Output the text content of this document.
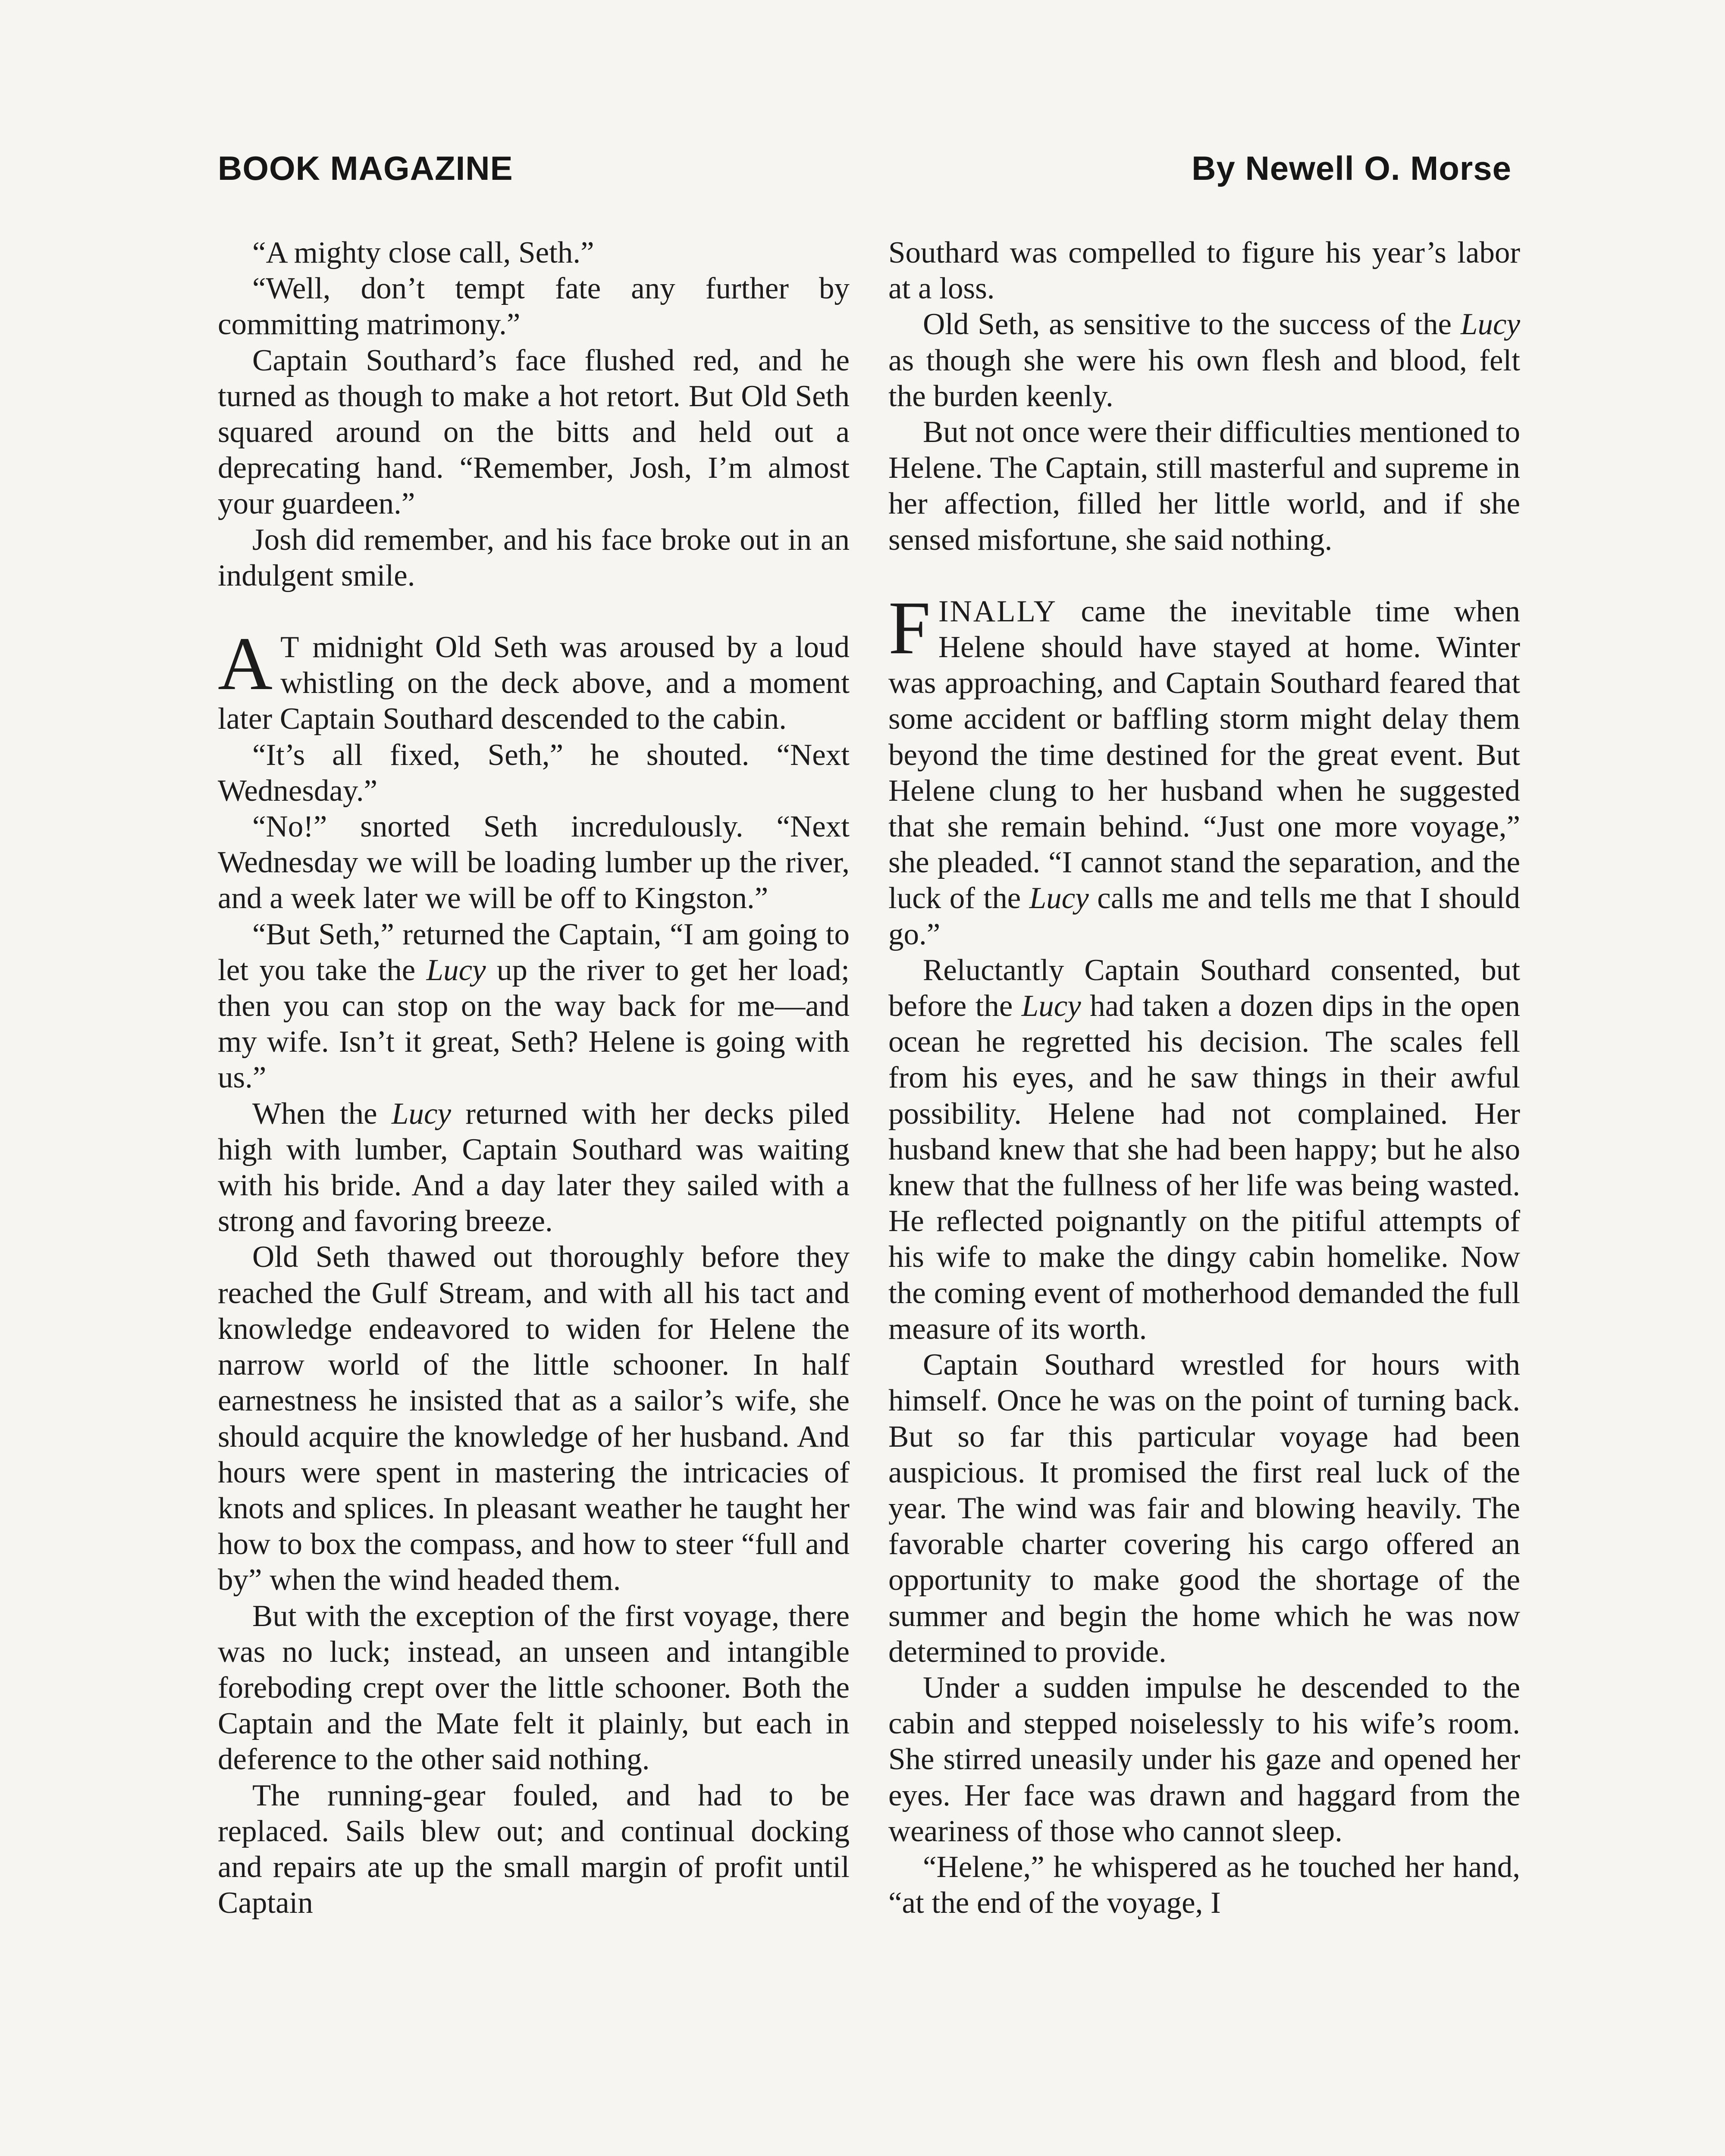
BOOK MAGAZINE	By Newell O. Morse

“A mighty close call, Seth.”

“Well, don’t tempt fate any further by committing matrimony.”

Captain Southard’s face flushed red, and he turned as though to make a hot retort. But Old Seth squared around on the bitts and held out a deprecating hand. “Remember, Josh, I’m almost your guardeen.”

Josh did remember, and his face broke out in an indulgent smile.

A T midnight Old Seth was aroused by a loud whistling on the deck above, and a moment later Captain Southard descended to the cabin.

“It’s all fixed, Seth,” he shouted. “Next Wednesday.”

“No!” snorted Seth incredulously. “Next Wednesday we will be loading lumber up the river, and a week later we will be off to Kingston.”

“But Seth,” returned the Captain, “I am going to let you take the Lucy up the river to get her load; then you can stop on the way back for me—and my wife. Isn’t it great, Seth? Helene is going with us.”

When the Lucy returned with her decks piled high with lumber, Captain Southard was waiting with his bride. And a day later they sailed with a strong and favoring breeze.

Old Seth thawed out thoroughly before they reached the Gulf Stream, and with all his tact and knowledge endeavored to widen for Helene the narrow world of the little schooner. In half earnestness he insisted that as a sailor’s wife, she should acquire the knowledge of her husband. And hours were spent in mastering the intricacies of knots and splices. In pleasant weather he taught her how to box the compass, and how to steer “full and by” when the wind headed them.

But with the exception of the first voyage, there was no luck; instead, an unseen and intangible foreboding crept over the little schooner. Both the Captain and the Mate felt it plainly, but each in deference to the other said nothing.

The running-gear fouled, and had to be replaced. Sails blew out; and continual docking and repairs ate up the small margin of profit until Captain

Southard was compelled to figure his year’s labor at a loss.

Old Seth, as sensitive to the success of the Lucy as though she were his own flesh and blood, felt the burden keenly.

But not once were their difficulties mentioned to Helene. The Captain, still masterful and supreme in her affection, filled her little world, and if she sensed misfortune, she said nothing.

FINALLY came the inevitable time when Helene should have stayed at home. Winter was approaching, and Captain Southard feared that some accident or baffling storm might delay them beyond the time destined for the great event. But Helene clung to her husband when he suggested that she remain behind. “Just one more voyage,” she pleaded. “I cannot stand the separation, and the luck of the Lucy calls me and tells me that I should go.”

Reluctantly Captain Southard consented, but before the Lucy had taken a dozen dips in the open ocean he regretted his decision. The scales fell from his eyes, and he saw things in their awful possibility. Helene had not complained. Her husband knew that she had been happy; but he also knew that the fullness of her life was being wasted. He reflected poignantly on the pitiful attempts of his wife to make the dingy cabin homelike. Now the coming event of motherhood demanded the full measure of its worth.

Captain Southard wrestled for hours with himself. Once he was on the point of turning back. But so far this particular voyage had been auspicious. It promised the first real luck of the year. The wind was fair and blowing heavily. The favorable charter covering his cargo offered an opportunity to make good the shortage of the summer and begin the home which he was now determined to provide.

Under a sudden impulse he descended to the cabin and stepped noiselessly to his wife’s room. She stirred uneasily under his gaze and opened her eyes. Her face was drawn and haggard from the weariness of those who cannot sleep.

“Helene,” he whispered as he touched her hand, “at the end of the voyage, I
